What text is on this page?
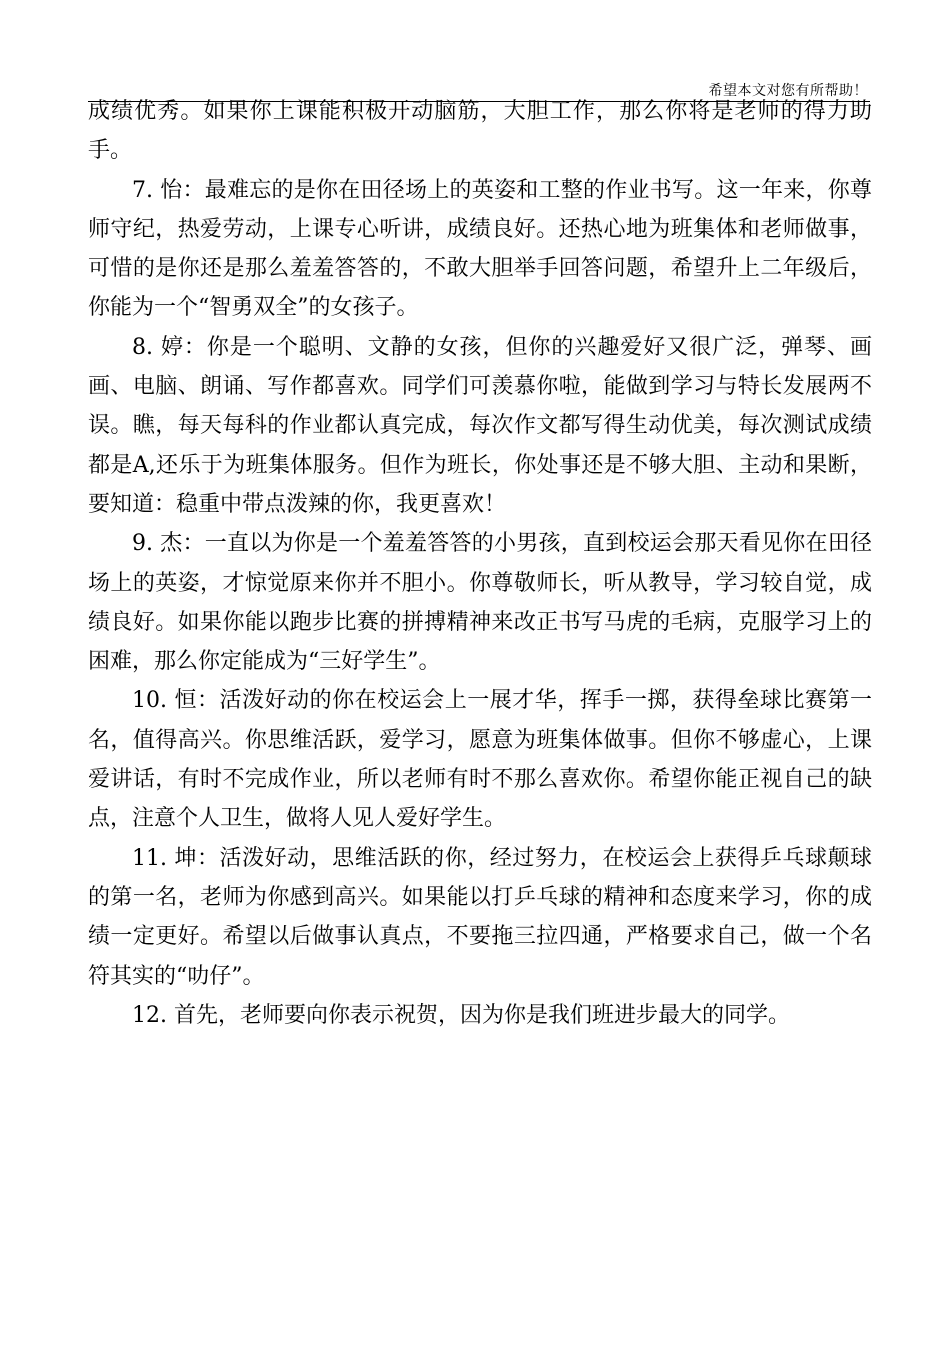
希望本文对您有所帮助！

成绩优秀。如果你上课能积极开动脑筋，大胆工作，那么你将是老师的得力助手。

7. 怡：最难忘的是你在田径场上的英姿和工整的作业书写。这一年来，你尊师守纪，热爱劳动，上课专心听讲，成绩良好。还热心地为班集体和老师做事，可惜的是你还是那么羞羞答答的，不敢大胆举手回答问题，希望升上二年级后，你能为一个“智勇双全”的女孩子。

8. 婷：你是一个聪明、文静的女孩，但你的兴趣爱好又很广泛，弹琴、画画、电脑、朗诵、写作都喜欢。同学们可羡慕你啦，能做到学习与特长发展两不误。瞧，每天每科的作业都认真完成，每次作文都写得生动优美，每次测试成绩都是A,还乐于为班集体服务。但作为班长，你处事还是不够大胆、主动和果断，要知道：稳重中带点泼辣的你，我更喜欢！

9. 杰：一直以为你是一个羞羞答答的小男孩，直到校运会那天看见你在田径场上的英姿，才惊觉原来你并不胆小。你尊敬师长，听从教导，学习较自觉，成绩良好。如果你能以跑步比赛的拼搏精神来改正书写马虎的毛病，克服学习上的困难，那么你定能成为“三好学生”。

10. 恒：活泼好动的你在校运会上一展才华，挥手一掷，获得垒球比赛第一名，值得高兴。你思维活跃，爱学习，愿意为班集体做事。但你不够虚心，上课爱讲话，有时不完成作业，所以老师有时不那么喜欢你。希望你能正视自己的缺点，注意个人卫生，做将人见人爱好学生。

11. 坤：活泼好动，思维活跃的你，经过努力，在校运会上获得乒乓球颠球的第一名，老师为你感到高兴。如果能以打乒乓球的精神和态度来学习，你的成绩一定更好。希望以后做事认真点，不要拖三拉四通，严格要求自己，做一个名符其实的“叻仔”。

12. 首先，老师要向你表示祝贺，因为你是我们班进步最大的同学。
